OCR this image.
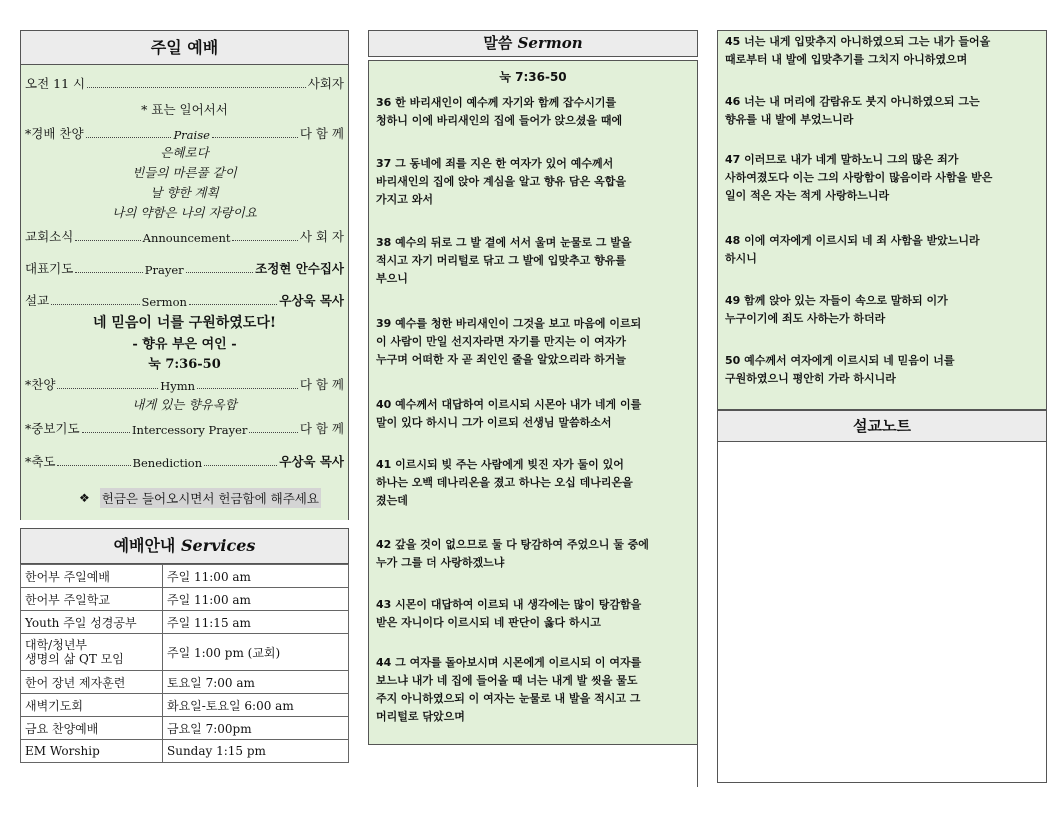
주일 예배
오전 11 시	사회자
* 표는 일어서서
*경배 찬양	Praise	다 함 께
은혜로다
빈들의 마른풀 같이
날 향한 계획
나의 약함은 나의 자랑이요
교회소식	Announcement	사 회 자
대표기도	Prayer	조정현 안수집사
설교	Sermon	우상욱 목사
네 믿음이 너를 구원하였도다!
- 향유 부은 여인 -
눅 7:36-50
*찬양	Hymn	다 함 께
내게 있는 향유옥합
*중보기도	Intercessory Prayer	다 함 께
*축도	Benediction	우상욱 목사
❖ 헌금은 들어오시면서 헌금함에 해주세요
예배안내 Services
한어부 주일예배	주일 11:00 am
한어부 주일학교	주일 11:00 am
Youth 주일 성경공부	주일 11:15 am
대학/청년부
생명의 삶 QT 모임	주일 1:00 pm (교회)
한어 장년 제자훈련	토요일 7:00 am
새벽기도회	화요일-토요일 6:00 am
금요 찬양예배	금요일 7:00pm
EM Worship	Sunday 1:15 pm
말씀 Sermon
눅 7:36-50
36 한 바리새인이 예수께 자기와 함께 잡수시기를
청하니 이에 바리새인의 집에 들어가 앉으셨을 때에
37 그 동네에 죄를 지은 한 여자가 있어 예수께서
바리새인의 집에 앉아 계심을 알고 향유 담은 옥합을
가지고 와서
38 예수의 뒤로 그 발 곁에 서서 울며 눈물로 그 발을
적시고 자기 머리털로 닦고 그 발에 입맞추고 향유를
부으니
39 예수를 청한 바리새인이 그것을 보고 마음에 이르되
이 사람이 만일 선지자라면 자기를 만지는 이 여자가
누구며 어떠한 자 곧 죄인인 줄을 알았으리라 하거늘
40 예수께서 대답하여 이르시되 시몬아 내가 네게 이를
말이 있다 하시니 그가 이르되 선생님 말씀하소서
41 이르시되 빚 주는 사람에게 빚진 자가 둘이 있어
하나는 오백 데나리온을 졌고 하나는 오십 데나리온을
졌는데
42 갚을 것이 없으므로 둘 다 탕감하여 주었으니 둘 중에
누가 그를 더 사랑하겠느냐
43 시몬이 대답하여 이르되 내 생각에는 많이 탕감함을
받은 자니이다 이르시되 네 판단이 옳다 하시고
44 그 여자를 돌아보시며 시몬에게 이르시되 이 여자를
보느냐 내가 네 집에 들어올 때 너는 내게 발 씻을 물도
주지 아니하였으되 이 여자는 눈물로 내 발을 적시고 그
머리털로 닦았으며
45 너는 내게 입맞추지 아니하였으되 그는 내가 들어올
때로부터 내 발에 입맞추기를 그치지 아니하였으며
46 너는 내 머리에 감람유도 붓지 아니하였으되 그는
향유를 내 발에 부었느니라
47 이러므로 내가 네게 말하노니 그의 많은 죄가
사하여졌도다 이는 그의 사랑함이 많음이라 사함을 받은
일이 적은 자는 적게 사랑하느니라
48 이에 여자에게 이르시되 네 죄 사함을 받았느니라
하시니
49 함께 앉아 있는 자들이 속으로 말하되 이가
누구이기에 죄도 사하는가 하더라
50 예수께서 여자에게 이르시되 네 믿음이 너를
구원하였으니 평안히 가라 하시니라
설교노트
